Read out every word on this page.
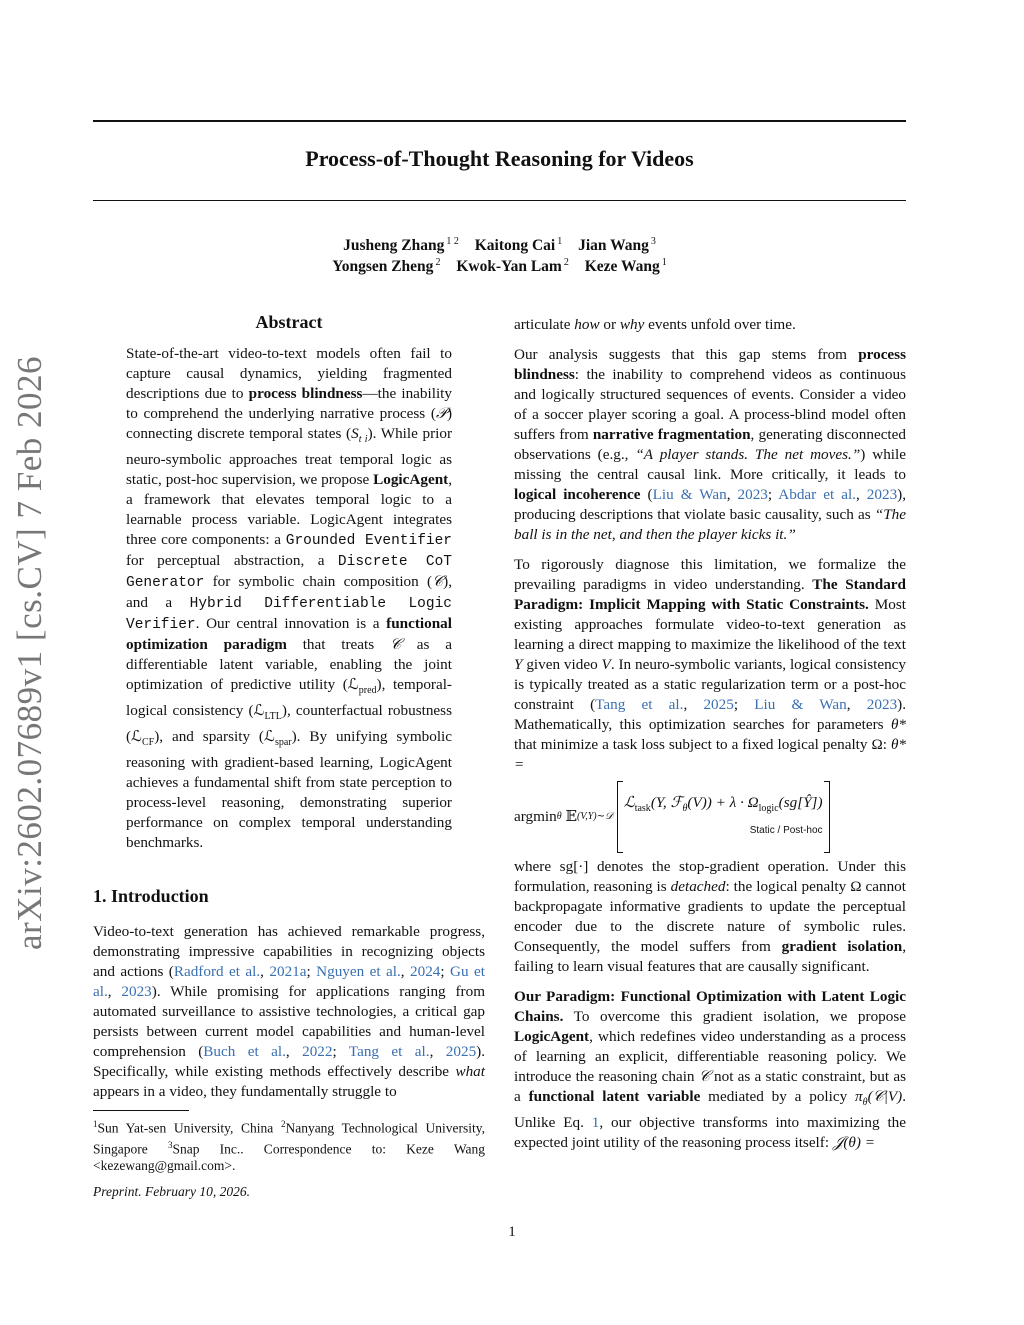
arXiv:2602.07689v1 [cs.CV] 7 Feb 2026
Process-of-Thought Reasoning for Videos
Jusheng Zhang $^{1 2}$ Kaitong Cai $^1$ Jian Wang $^3$
Yongsen Zheng $^2$ Kwok-Yan Lam $^2$ Keze Wang $^1$
Abstract
State-of-the-art video-to-text models often fail to capture causal dynamics, yielding fragmented descriptions due to process blindness—the inability to comprehend the underlying narrative process (𝒫) connecting discrete temporal states $(S_{t i})$. While prior neuro-symbolic approaches treat temporal logic as static, post-hoc supervision, we propose LogicAgent, a framework that elevates temporal logic to a learnable process variable. LogicAgent integrates three core components: a Grounded Eventifier for perceptual abstraction, a Discrete CoT Generator for symbolic chain composition (𝒞), and a Hybrid Differentiable Logic Verifier. Our central innovation is a functional optimization paradigm that treats 𝒞 as a differentiable latent variable, enabling the joint optimization of predictive utility (ℒ$_{pred}$), temporal-logical consistency (ℒ$_{LTL}$), counterfactual robustness (ℒ$_{CF}$), and sparsity (ℒ$_{spar}$). By unifying symbolic reasoning with gradient-based learning, LogicAgent achieves a fundamental shift from state perception to process-level reasoning, demonstrating superior performance on complex temporal understanding benchmarks.
1. Introduction
Video-to-text generation has achieved remarkable progress, demonstrating impressive capabilities in recognizing objects and actions (Radford et al., 2021a; Nguyen et al., 2024; Gu et al., 2023). While promising for applications ranging from automated surveillance to assistive technologies, a critical gap persists between current model capabilities and human-level comprehension (Buch et al., 2022; Tang et al., 2025). Specifically, while existing methods effectively describe what appears in a video, they fundamentally struggle to
$^1$Sun Yat-sen University, China $^2$Nanyang Technological University, Singapore $^3$Snap Inc.. Correspondence to: Keze Wang <kezewang@gmail.com>.
Preprint. February 10, 2026.

articulate how or why events unfold over time.

Our analysis suggests that this gap stems from process blindness: the inability to comprehend videos as continuous and logically structured sequences of events. Consider a video of a soccer player scoring a goal. A process-blind model often suffers from narrative fragmentation, generating disconnected observations (e.g., “A player stands. The net moves.”) while missing the central causal link. More critically, it leads to logical incoherence (Liu & Wan, 2023; Abdar et al., 2023), producing descriptions that violate basic causality, such as “The ball is in the net, and then the player kicks it.”

To rigorously diagnose this limitation, we formalize the prevailing paradigms in video understanding. The Standard Paradigm: Implicit Mapping with Static Constraints. Most existing approaches formulate video-to-text generation as learning a direct mapping to maximize the likelihood of the text Y given video V. In neuro-symbolic variants, logical consistency is typically treated as a static regularization term or a post-hoc constraint (Tang et al., 2025; Liu & Wan, 2023). Mathematically, this optimization searches for parameters θ* that minimize a task loss subject to a fixed logical penalty Ω: θ* =

argmin θ
𝔼 (V,Y)∼𝒟

ℒ$_{task}$(Y, ℱ$_\theta$(V)) + $\lambda \cdot \Omega_{logic}(sg[Ŷ])$
Static / Post-hoc

where sg[·] denotes the stop-gradient operation. Under this formulation, reasoning is detached: the logical penalty Ω cannot backpropagate informative gradients to update the perceptual encoder due to the discrete nature of symbolic rules. Consequently, the model suffers from gradient isolation, failing to learn visual features that are causally significant.

Our Paradigm: Functional Optimization with Latent Logic Chains. To overcome this gradient isolation, we propose LogicAgent, which redefines video understanding as a process of learning an explicit, differentiable reasoning policy. We introduce the reasoning chain 𝒞 not as a static constraint, but as a functional latent variable mediated by a policy $\pi_\theta(𝒞|V)$. Unlike Eq. 1, our objective transforms into maximizing the expected joint utility of the reasoning process itself: 𝒥(θ) =

1
